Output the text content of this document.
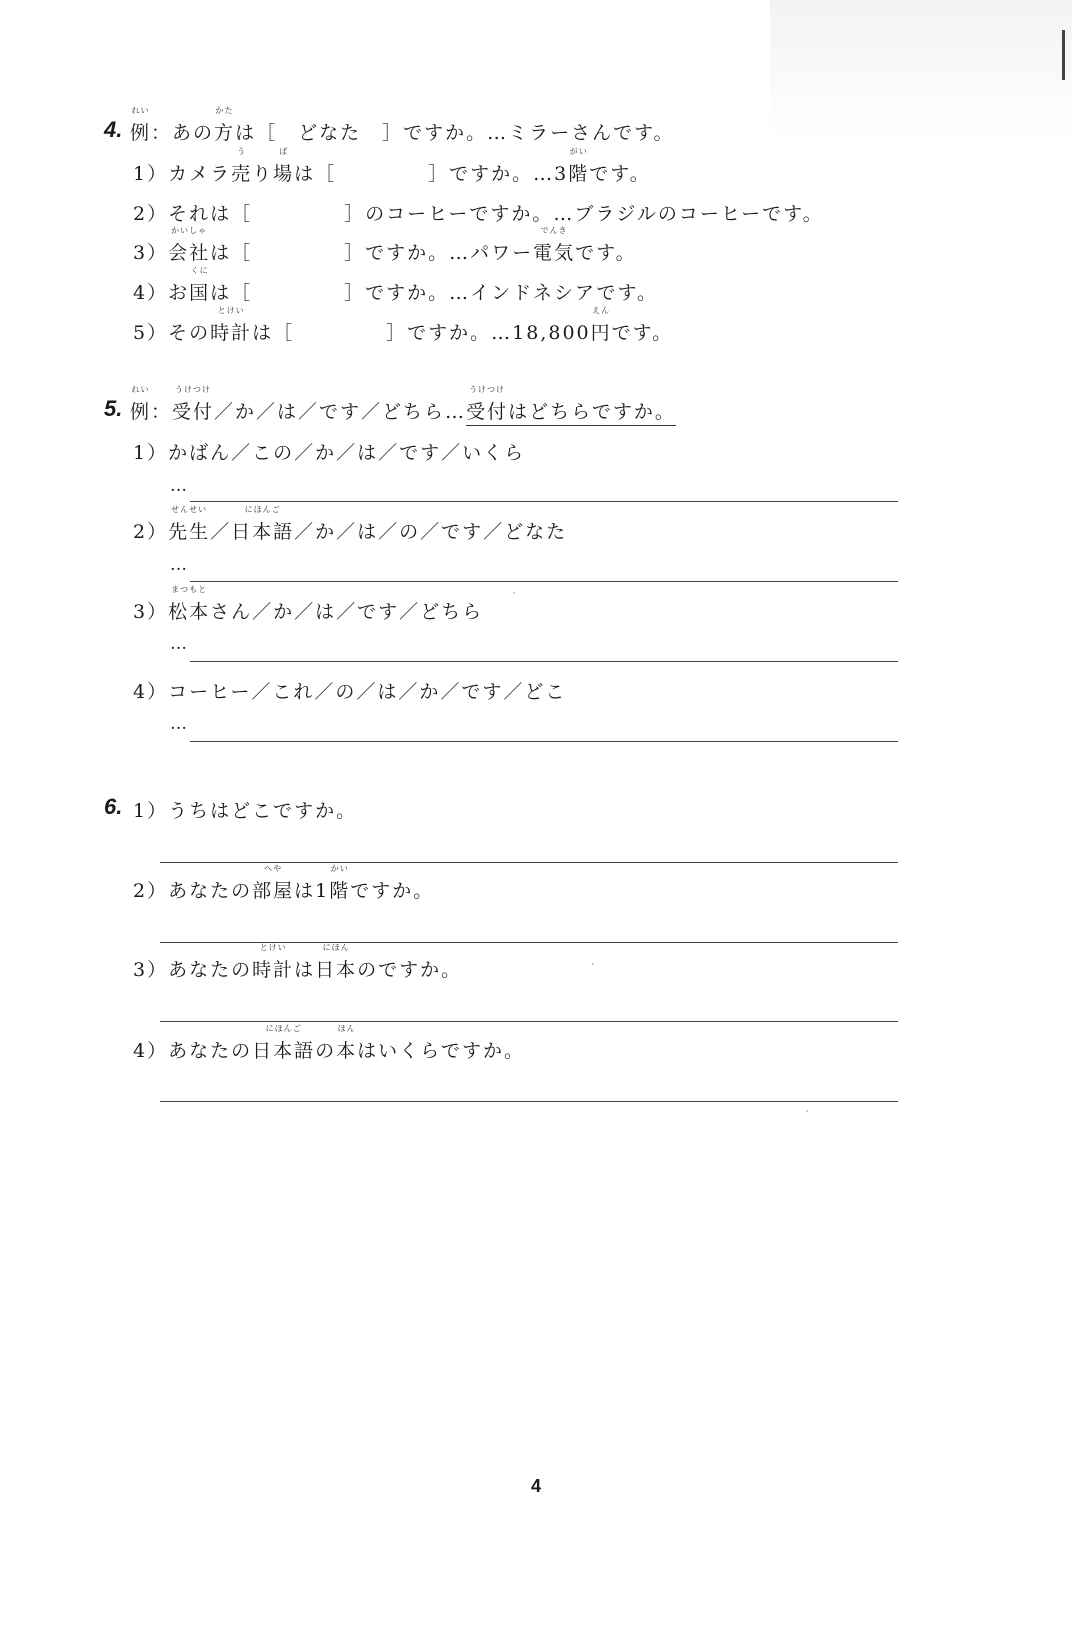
4.
れい
例：あの
かた
方は［　どなた　］ですか。…ミラーさんです。
1）カメラ
う
売り
ば
場は［	］ですか。…3
がい
階です。
2）それは［	］のコーヒーですか。…ブラジルのコーヒーです。
3）
かいしゃ
会社は［	］ですか。…パワー
でんき
電気です。
4）お
くに
国は［	］ですか。…インドネシアです。
5）その
とけい
時計は［	］ですか。…18,800
えん
円です。
5.
れい
例：
うけつけ
受付／か／は／です／どちら…
うけつけ
受付はどちらですか。
1）かばん／この／か／は／です／いくら
…
2）
せんせい
先生／
にほんご
日本語／か／は／の／です／どなた
…
3）
まつもと
松本さん／か／は／です／どちら
…
4）コーヒー／これ／の／は／か／です／どこ
…
6. 1）うちはどこですか。
2）あなたの
へや
部屋は1
かい
階ですか。
3）あなたの
とけい
時計は
にほん
日本のですか。
4）あなたの
にほんご
日本語の
ほん
本はいくらですか。
4
